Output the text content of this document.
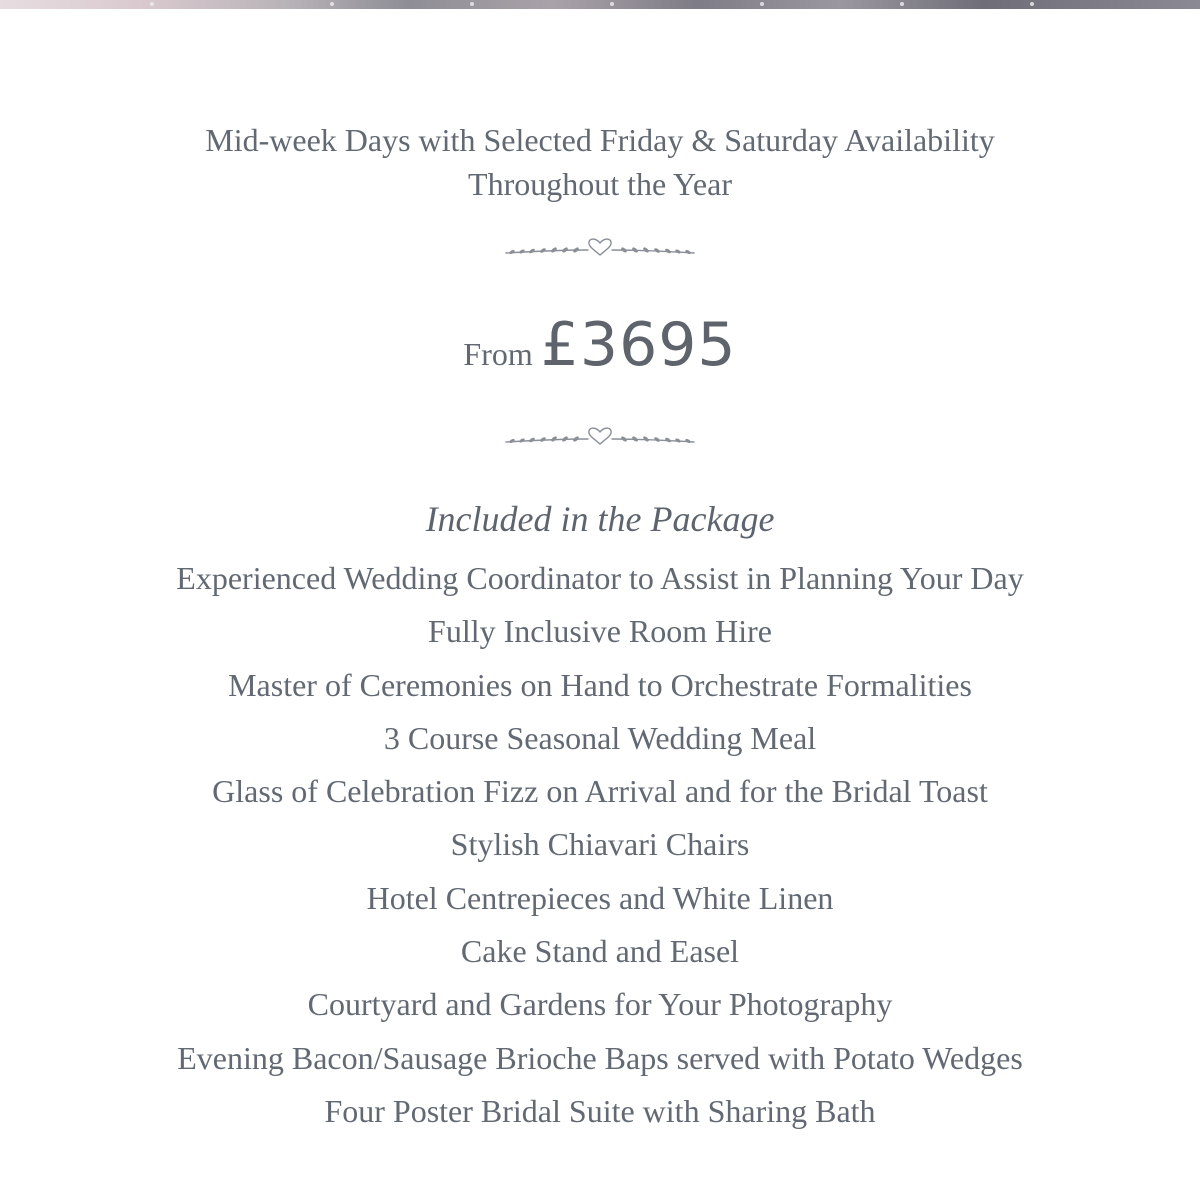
Mid-week Days with Selected Friday & Saturday Availability
Throughout the Year
From £3695
Included in the Package
Experienced Wedding Coordinator to Assist in Planning Your Day
Fully Inclusive Room Hire
Master of Ceremonies on Hand to Orchestrate Formalities
3 Course Seasonal Wedding Meal
Glass of Celebration Fizz on Arrival and for the Bridal Toast
Stylish Chiavari Chairs
Hotel Centrepieces and White Linen
Cake Stand and Easel
Courtyard and Gardens for Your Photography
Evening Bacon/Sausage Brioche Baps served with Potato Wedges
Four Poster Bridal Suite with Sharing Bath
